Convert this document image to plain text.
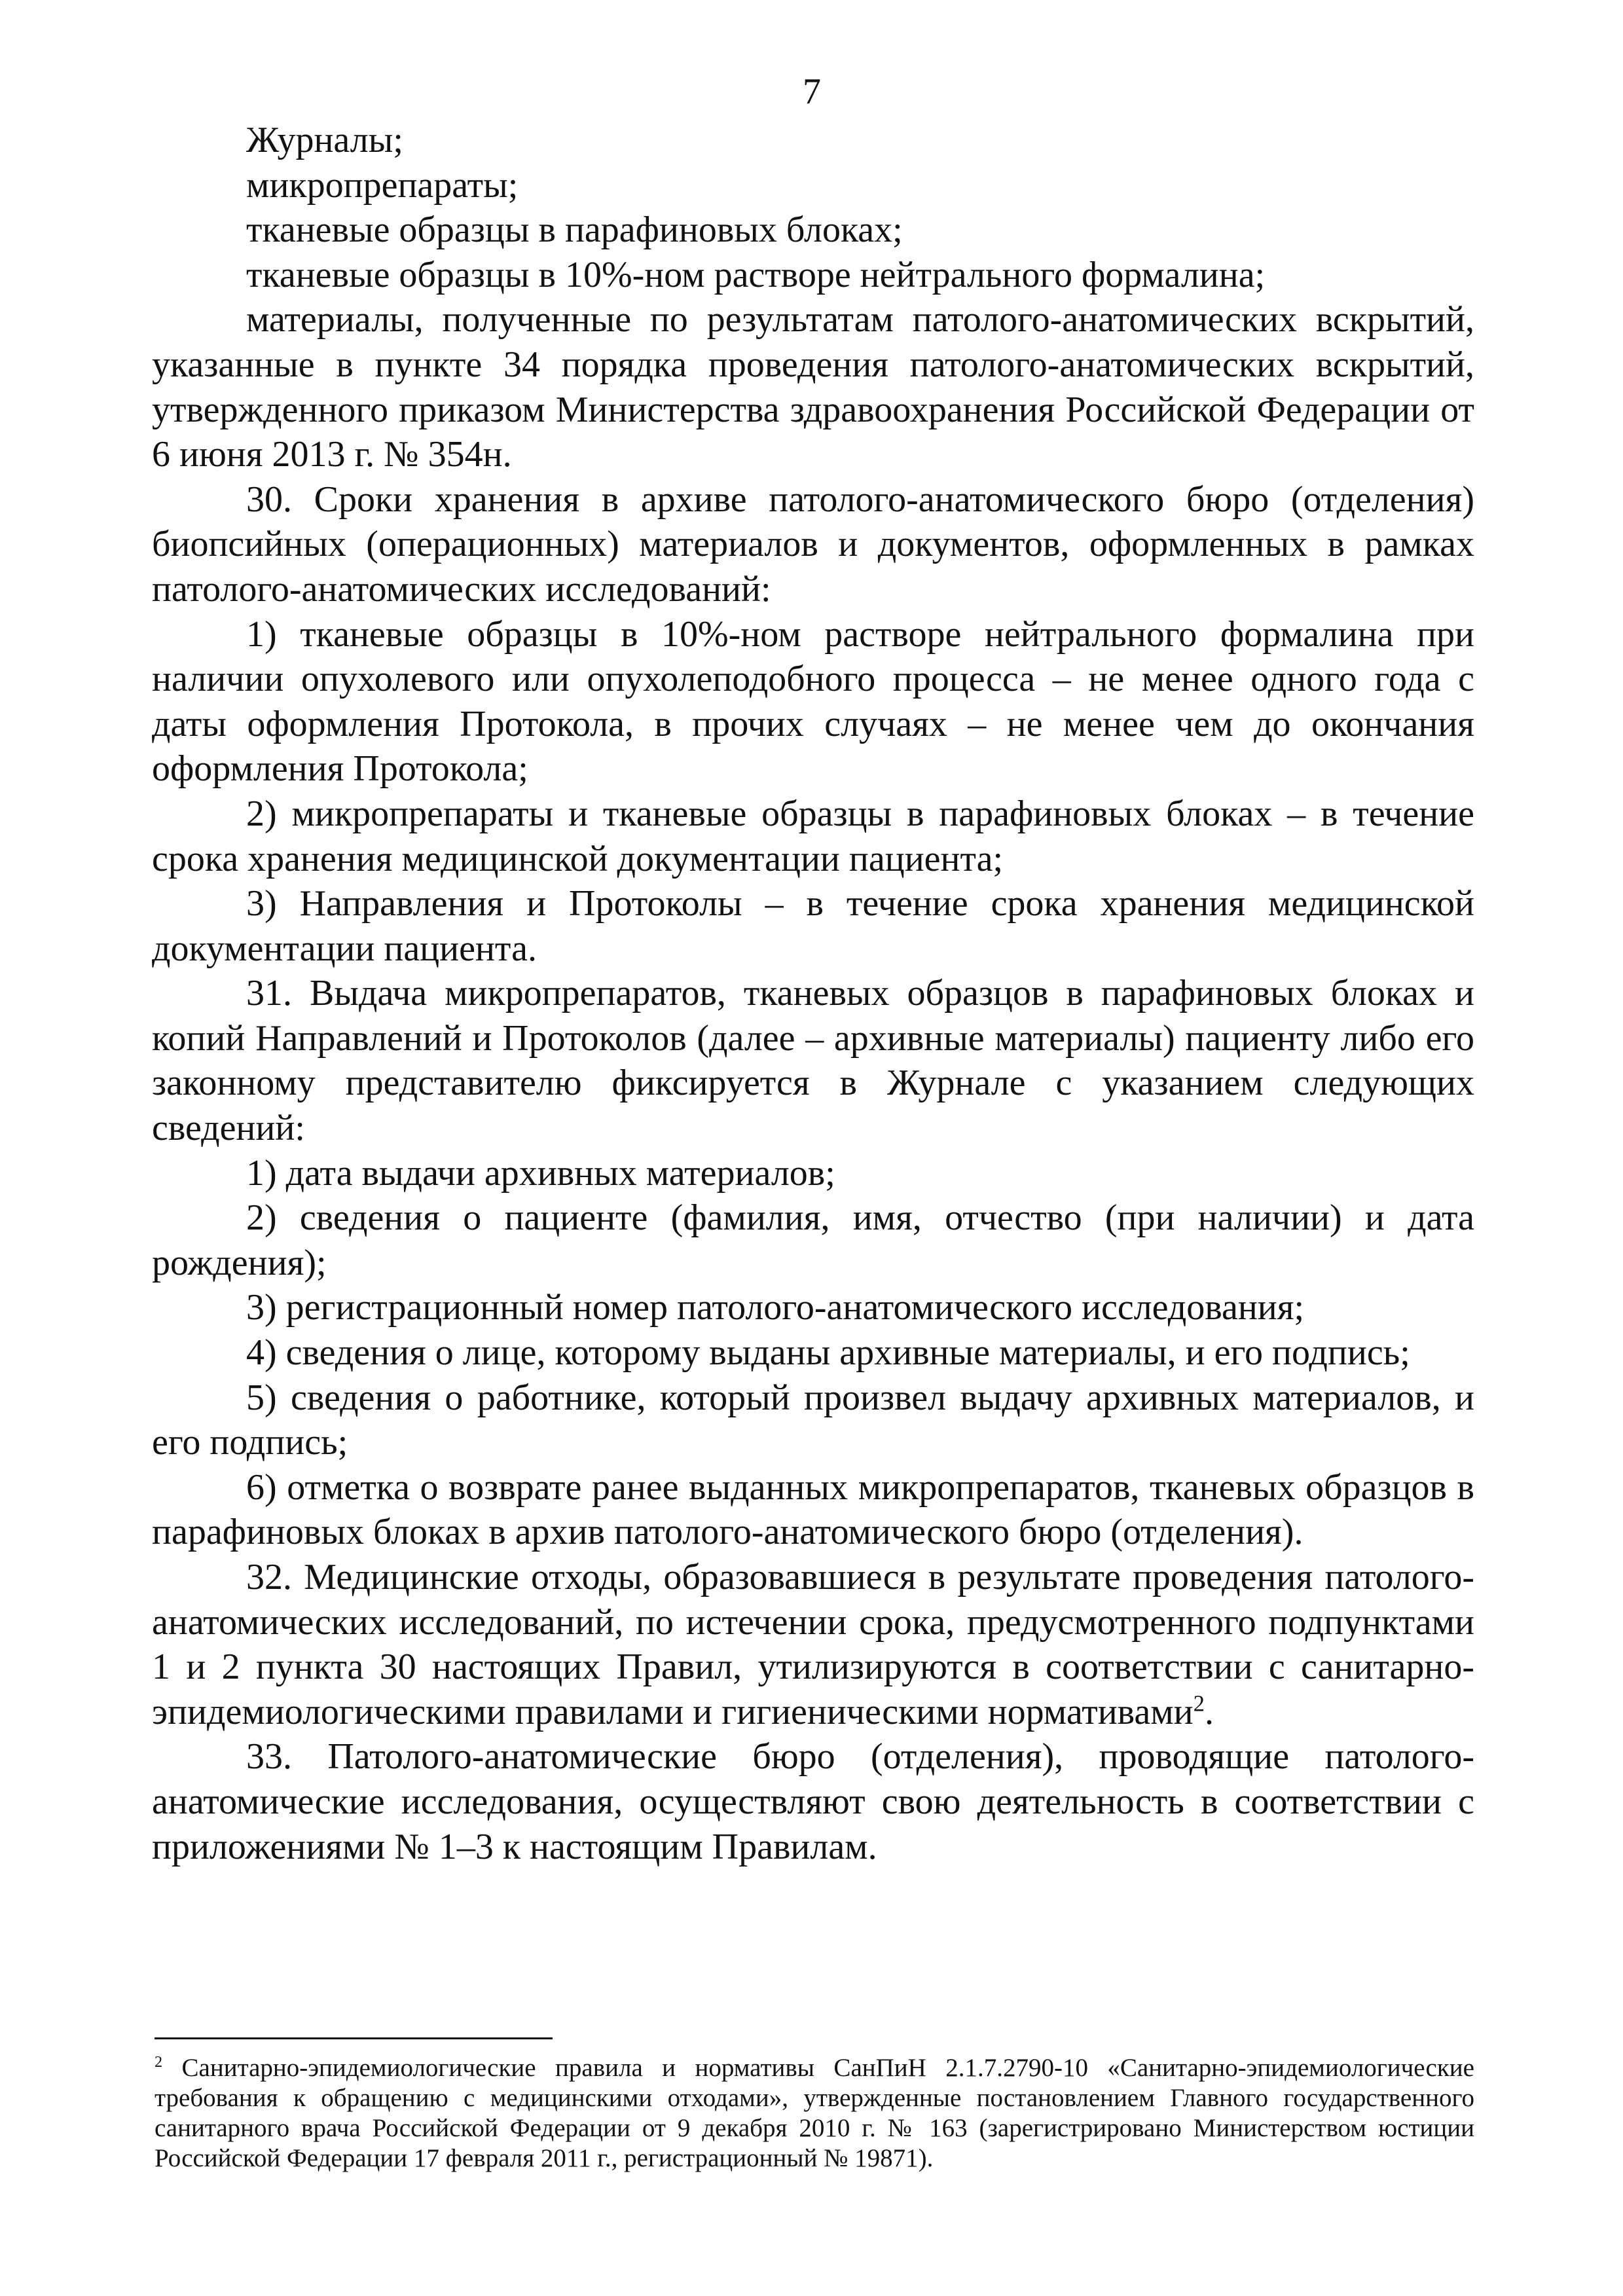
7

Журналы;

микропрепараты;

тканевые образцы в парафиновых блоках;

тканевые образцы в 10%-ном растворе нейтрального формалина;

материалы, полученные по результатам патолого-анатомических вскрытий, указанные в пункте 34 порядка проведения патолого-анатомических вскрытий, утвержденного приказом Министерства здравоохранения Российской Федерации от 6 июня 2013 г. № 354н.

30. Сроки хранения в архиве патолого-анатомического бюро (отделения) биопсийных (операционных) материалов и документов, оформленных в рамках патолого-анатомических исследований:

1) тканевые образцы в 10%-ном растворе нейтрального формалина при наличии опухолевого или опухолеподобного процесса – не менее одного года с даты оформления Протокола, в прочих случаях – не менее чем до окончания оформления Протокола;

2) микропрепараты и тканевые образцы в парафиновых блоках – в течение срока хранения медицинской документации пациента;

3) Направления и Протоколы – в течение срока хранения медицинской документации пациента.

31. Выдача микропрепаратов, тканевых образцов в парафиновых блоках и копий Направлений и Протоколов (далее – архивные материалы) пациенту либо его законному представителю фиксируется в Журнале с указанием следующих сведений:

1) дата выдачи архивных материалов;

2) сведения о пациенте (фамилия, имя, отчество (при наличии) и дата рождения);

3) регистрационный номер патолого-анатомического исследования;

4) сведения о лице, которому выданы архивные материалы, и его подпись;

5) сведения о работнике, который произвел выдачу архивных материалов, и его подпись;

6) отметка о возврате ранее выданных микропрепаратов, тканевых образцов в парафиновых блоках в архив патолого-анатомического бюро (отделения).

32. Медицинские отходы, образовавшиеся в результате проведения патолого-анатомических исследований, по истечении срока, предусмотренного подпунктами 1 и 2 пункта 30 настоящих Правил, утилизируются в соответствии с санитарно-эпидемиологическими правилами и гигиеническими нормативами$^2$.

33. Патолого-анатомические бюро (отделения), проводящие патолого-анатомические исследования, осуществляют свою деятельность в соответствии с приложениями № 1–3 к настоящим Правилам.

$^2$ Санитарно-эпидемиологические правила и нормативы СанПиН 2.1.7.2790-10 «Санитарно-эпидемиологические требования к обращению с медицинскими отходами», утвержденные постановлением Главного государственного санитарного врача Российской Федерации от 9 декабря 2010 г. № 163 (зарегистрировано Министерством юстиции Российской Федерации 17 февраля 2011 г., регистрационный № 19871).
